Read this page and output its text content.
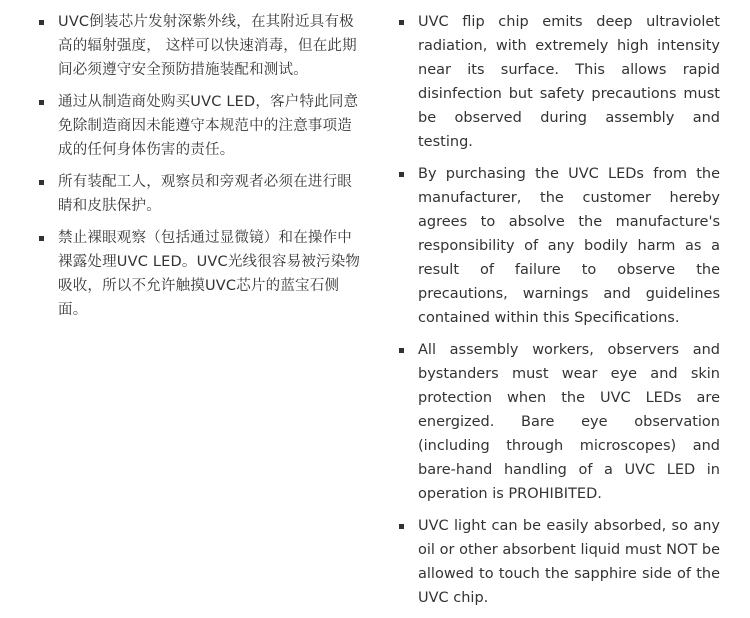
UVC倒装芯片发射深紫外线，在其附近具有极高的辐射强度， 这样可以快速消毒，但在此期间必须遵守安全预防措施装配和测试。
通过从制造商处购买UVC LED，客户特此同意免除制造商因未能遵守本规范中的注意事项造成的任何身体伤害的责任。
所有装配工人，观察员和旁观者必须在进行眼睛和皮肤保护。
禁止裸眼观察（包括通过显微镜）和在操作中裸露处理UVC LED。UVC光线很容易被污染物吸收，所以不允许触摸UVC芯片的蓝宝石侧面。
UVC flip chip emits deep ultraviolet radiation, with extremely high intensity near its surface. This allows rapid disinfection but safety precautions must be observed during assembly and testing.
By purchasing the UVC LEDs from the manufacturer, the customer hereby agrees to absolve the manufacture's responsibility of any bodily harm as a result of failure to observe the precautions, warnings and guidelines contained within this Specifications.
All assembly workers, observers and bystanders must wear eye and skin protection when the UVC LEDs are energized. Bare eye observation (including through microscopes) and bare-hand handling of a UVC LED in operation is PROHIBITED.
UVC light can be easily absorbed, so any oil or other absorbent liquid must NOT be allowed to touch the sapphire side of the UVC chip.
